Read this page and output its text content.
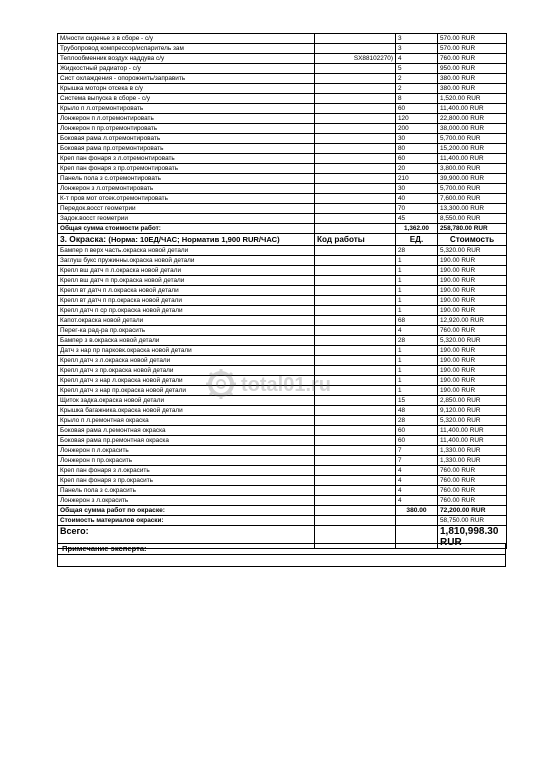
М/ности сиденье з в сборе - с/у		3	570.00 RUR
Трубопровод компрессор/испаритель зам		3	570.00 RUR
Теплообменник воздух наддува с/у	SX88102270)	4	760.00 RUR
Жидкостный радиатор - с/у		5	950.00 RUR
Сист охлаждения - опорожнить/заправить		2	380.00 RUR
Крышка моторн отсека в с/у		2	380.00 RUR
Система выпуска в сборе - с/у		8	1,520.00 RUR
Крыло п л.отремонтировать		60	11,400.00 RUR
Лонжерон п л.отремонтировать		120	22,800.00 RUR
Лонжерон п пр.отремонтировать		200	38,000.00 RUR
Боковая рама л.отремонтировать		30	5,700.00 RUR
Боковая рама пр.отремонтировать		80	15,200.00 RUR
Креп пан фонаря з л.отремонтировать		60	11,400.00 RUR
Креп пан фонаря з пр.отремонтировать		20	3,800.00 RUR
Панель пола з с.отремонтировать		210	39,900.00 RUR
Лонжерон з л.отремонтировать		30	5,700.00 RUR
К-т пров мот отсек.отремонтировать		40	7,600.00 RUR
Передок.восст геометрии		70	13,300.00 RUR
Задок.восст геометрии		45	8,550.00 RUR
Общая сумма стоимости работ:		1,362.00	258,780.00 RUR
3. Окраска: (Норма: 10ЕД/ЧАС; Норматив 1,900 RUR/ЧАС)	Код работы	ЕД.	Стоимость
Бампер п верх часть.окраска новой детали		28	5,320.00 RUR
Заглуш букс пружинны.окраска новой детали		1	190.00 RUR
Крепл вш датч п л.окраска новой детали		1	190.00 RUR
Крепл вш датч п пр.окраска новой детали		1	190.00 RUR
Крепл вт датч п л.окраска новой детали		1	190.00 RUR
Крепл вт датч п пр.окраска новой детали		1	190.00 RUR
Крепл датч п ср пр.окраска новой детали		1	190.00 RUR
Капот.окраска новой детали		68	12,920.00 RUR
Перег-ка рад-ра пр.окрасить		4	760.00 RUR
Бампер з в.окраска новой детали		28	5,320.00 RUR
Датч з нар пр парковк.окраска новой детали		1	190.00 RUR
Крепл датч з л.окраска новой детали		1	190.00 RUR
Крепл датч з пр.окраска новой детали		1	190.00 RUR
Крепл датч з нар л.окраска новой детали		1	190.00 RUR
Крепл датч з нар пр.окраска новой детали		1	190.00 RUR
Щиток задка.окраска новой детали		15	2,850.00 RUR
Крышка багажника.окраска новой детали		48	9,120.00 RUR
Крыло п л.ремонтная окраска		28	5,320.00 RUR
Боковая рама л.ремонтная окраска		60	11,400.00 RUR
Боковая рама пр.ремонтная окраска		60	11,400.00 RUR
Лонжерон п л.окрасить		7	1,330.00 RUR
Лонжерон п пр.окрасить		7	1,330.00 RUR
Креп пан фонаря з л.окрасить		4	760.00 RUR
Креп пан фонаря з пр.окрасить		4	760.00 RUR
Панель пола з с.окрасить		4	760.00 RUR
Лонжерон з л.окрасить		4	760.00 RUR
Общая сумма работ по окраске:		380.00	72,200.00 RUR
Стоимость материалов окраски:			58,750.00 RUR
Всего:			1,810,998.30 RUR
Примечание эксперта:

total01.ru
